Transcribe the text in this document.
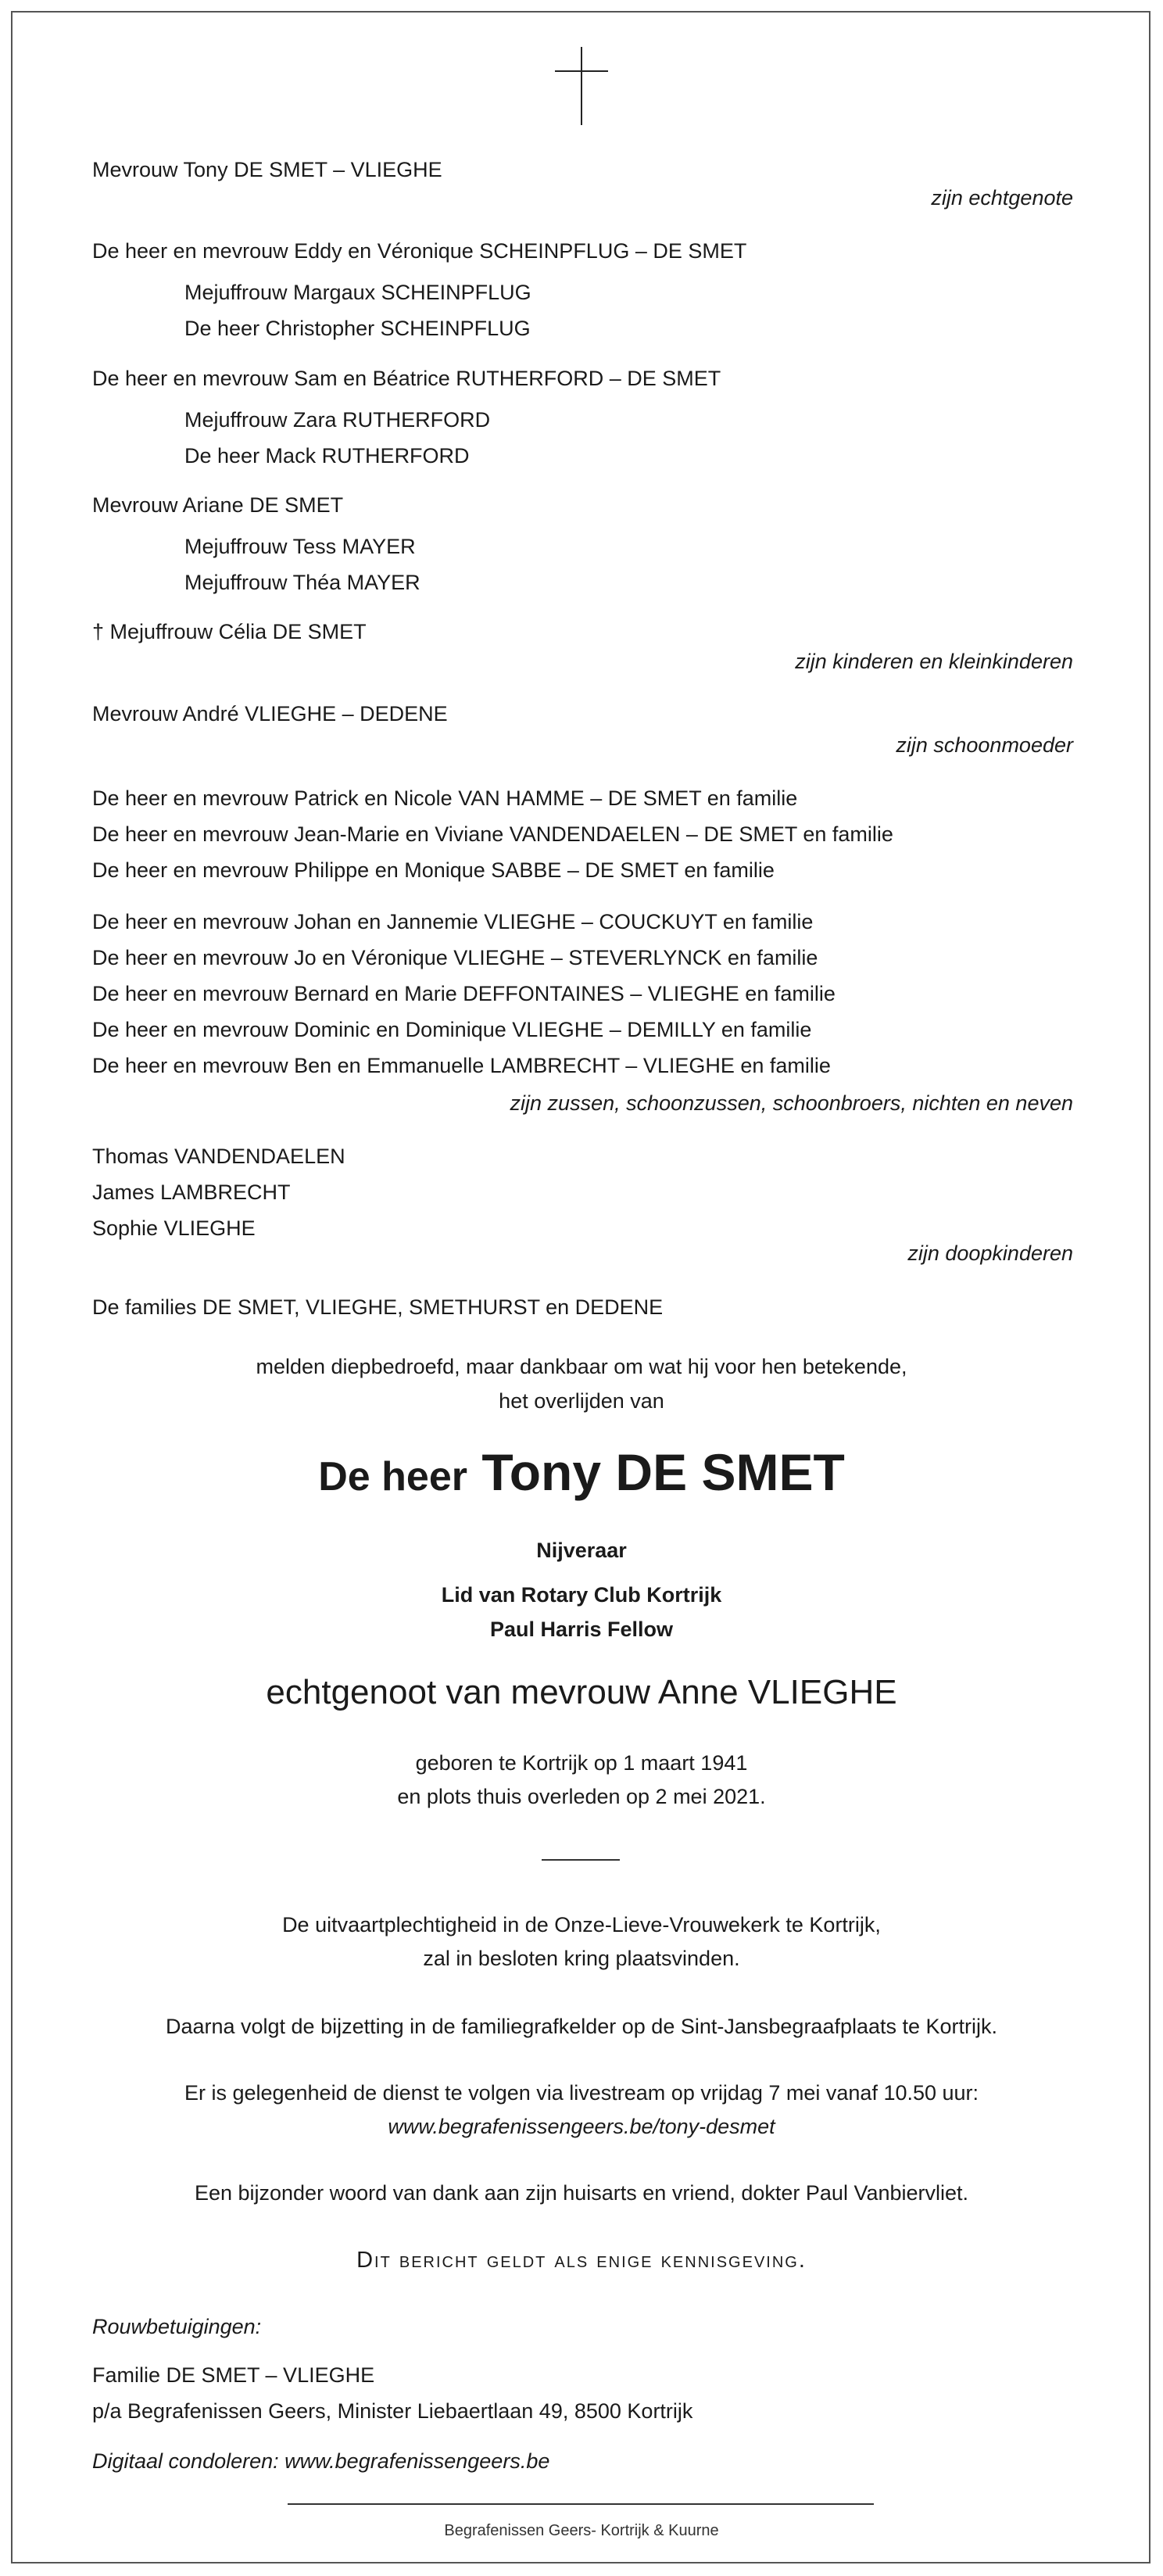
Mevrouw Tony DE SMET – VLIEGHE
zijn echtgenote
De heer en mevrouw Eddy en Véronique SCHEINPFLUG – DE SMET
Mejuffrouw Margaux SCHEINPFLUG
De heer Christopher SCHEINPFLUG
De heer en mevrouw Sam en Béatrice RUTHERFORD – DE SMET
Mejuffrouw Zara RUTHERFORD
De heer Mack RUTHERFORD
Mevrouw Ariane DE SMET
Mejuffrouw Tess MAYER
Mejuffrouw Théa MAYER
† Mejuffrouw Célia DE SMET
zijn kinderen en kleinkinderen
Mevrouw André VLIEGHE – DEDENE
zijn schoonmoeder
De heer en mevrouw Patrick en Nicole VAN HAMME – DE SMET en familie
De heer en mevrouw Jean-Marie en Viviane VANDENDAELEN – DE SMET en familie
De heer en mevrouw Philippe en Monique SABBE – DE SMET en familie
De heer en mevrouw Johan en Jannemie VLIEGHE – COUCKUYT en familie
De heer en mevrouw Jo en Véronique VLIEGHE – STEVERLYNCK en familie
De heer en mevrouw Bernard en Marie DEFFONTAINES – VLIEGHE en familie
De heer en mevrouw Dominic en Dominique VLIEGHE – DEMILLY en familie
De heer en mevrouw Ben en Emmanuelle LAMBRECHT – VLIEGHE en familie
zijn zussen, schoonzussen, schoonbroers, nichten en neven
Thomas VANDENDAELEN
James LAMBRECHT
Sophie VLIEGHE
zijn doopkinderen
De families DE SMET, VLIEGHE, SMETHURST en DEDENE
melden diepbedroefd, maar dankbaar om wat hij voor hen betekende,
het overlijden van
De heer Tony DE SMET
Nijveraar
Lid van Rotary Club Kortrijk
Paul Harris Fellow
echtgenoot van mevrouw Anne VLIEGHE
geboren te Kortrijk op 1 maart 1941
en plots thuis overleden op 2 mei 2021.
De uitvaartplechtigheid in de Onze-Lieve-Vrouwekerk te Kortrijk,
zal in besloten kring plaatsvinden.
Daarna volgt de bijzetting in de familiegrafkelder op de Sint-Jansbegraafplaats te Kortrijk.
Er is gelegenheid de dienst te volgen via livestream op vrijdag 7 mei vanaf 10.50 uur:
www.begrafenissengeers.be/tony-desmet
Een bijzonder woord van dank aan zijn huisarts en vriend, dokter Paul Vanbiervliet.
Dit bericht geldt als enige kennisgeving.
Rouwbetuigingen:
Familie DE SMET – VLIEGHE
p/a Begrafenissen Geers, Minister Liebaertlaan 49, 8500 Kortrijk
Digitaal condoleren: www.begrafenissengeers.be
Begrafenissen Geers- Kortrijk & Kuurne
